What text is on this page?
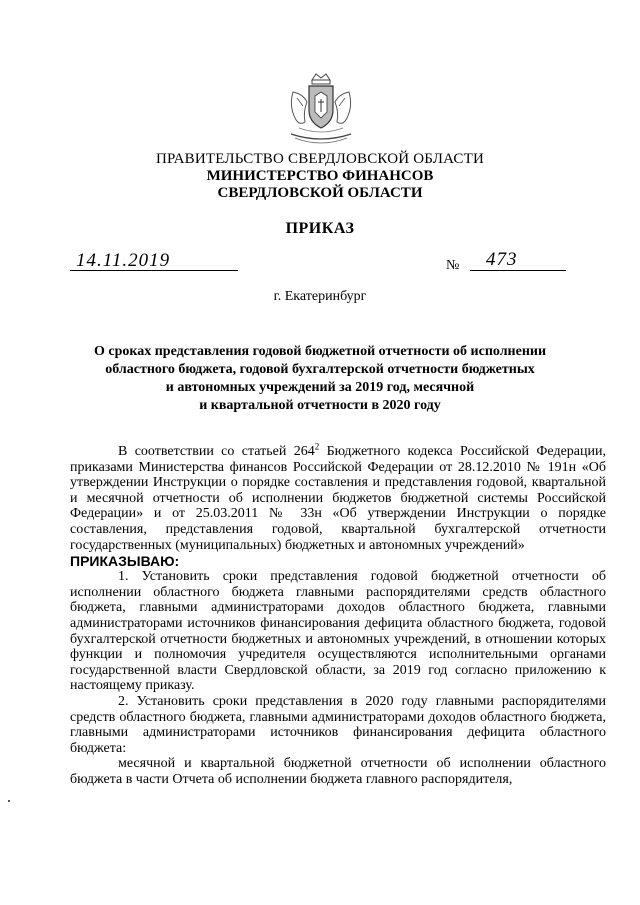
ПРАВИТЕЛЬСТВО СВЕРДЛОВСКОЙ ОБЛАСТИ
МИНИСТЕРСТВО ФИНАНСОВ
СВЕРДЛОВСКОЙ ОБЛАСТИ
ПРИКАЗ
14.11.2019	№ 473
г. Екатеринбург
О сроках представления годовой бюджетной отчетности об исполнении
областного бюджета, годовой бухгалтерской отчетности бюджетных
и автономных учреждений за 2019 год, месячной
и квартальной отчетности в 2020 году

В соответствии со статьей $264^2$ Бюджетного кодекса Российской Федерации, приказами Министерства финансов Российской Федерации от 28.12.2010 № 191н «Об утверждении Инструкции о порядке составления и представления годовой, квартальной и месячной отчетности об исполнении бюджетов бюджетной системы Российской Федерации» и от 25.03.2011 № 33н «Об утверждении Инструкции о порядке составления, представления годовой, квартальной бухгалтерской отчетности государственных (муниципальных) бюджетных и автономных учреждений»

ПРИКАЗЫВАЮ:

1. Установить сроки представления годовой бюджетной отчетности об исполнении областного бюджета главными распорядителями средств областного бюджета, главными администраторами доходов областного бюджета, главными администраторами источников финансирования дефицита областного бюджета, годовой бухгалтерской отчетности бюджетных и автономных учреждений, в отношении которых функции и полномочия учредителя осуществляются исполнительными органами государственной власти Свердловской области, за 2019 год согласно приложению к настоящему приказу.

2. Установить сроки представления в 2020 году главными распорядителями средств областного бюджета, главными администраторами доходов областного бюджета, главными администраторами источников финансирования дефицита областного бюджета:

месячной и квартальной бюджетной отчетности об исполнении областного бюджета в части Отчета об исполнении бюджета главного распорядителя,
